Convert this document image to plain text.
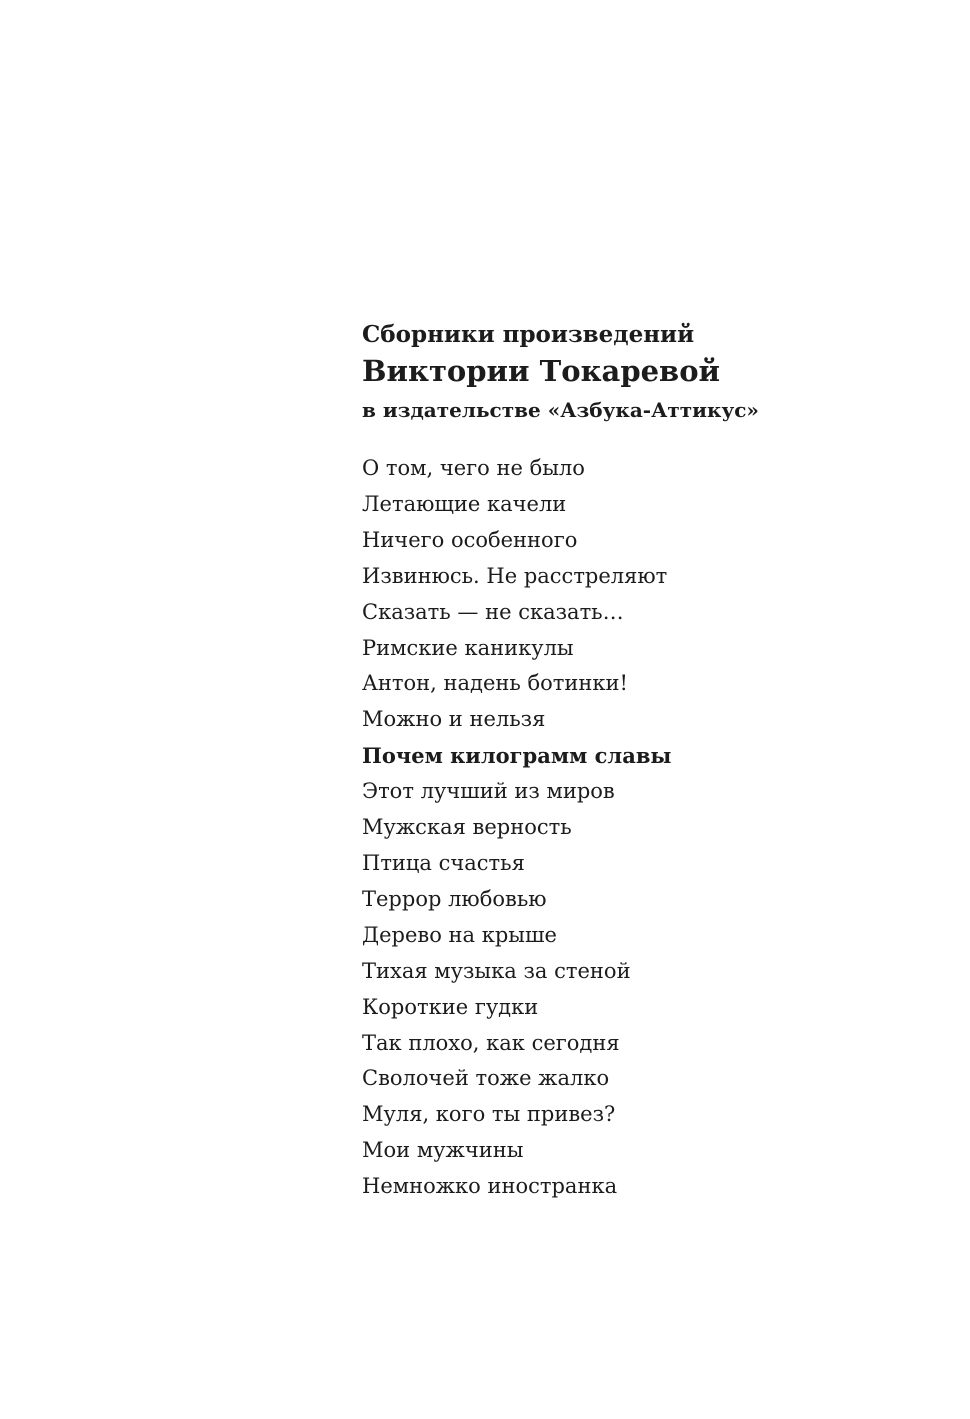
Сборники произведений
Виктории Токаревой
в издательстве «Азбука-Аттикус»
О том, чего не было
Летающие качели
Ничего особенного
Извинюсь. Не расстреляют
Сказать — не сказать…
Римские каникулы
Антон, надень ботинки!
Можно и нельзя
Почем килограмм славы
Этот лучший из миров
Мужская верность
Птица счастья
Террор любовью
Дерево на крыше
Тихая музыка за стеной
Короткие гудки
Так плохо, как сегодня
Сволочей тоже жалко
Муля, кого ты привез?
Мои мужчины
Немножко иностранка
